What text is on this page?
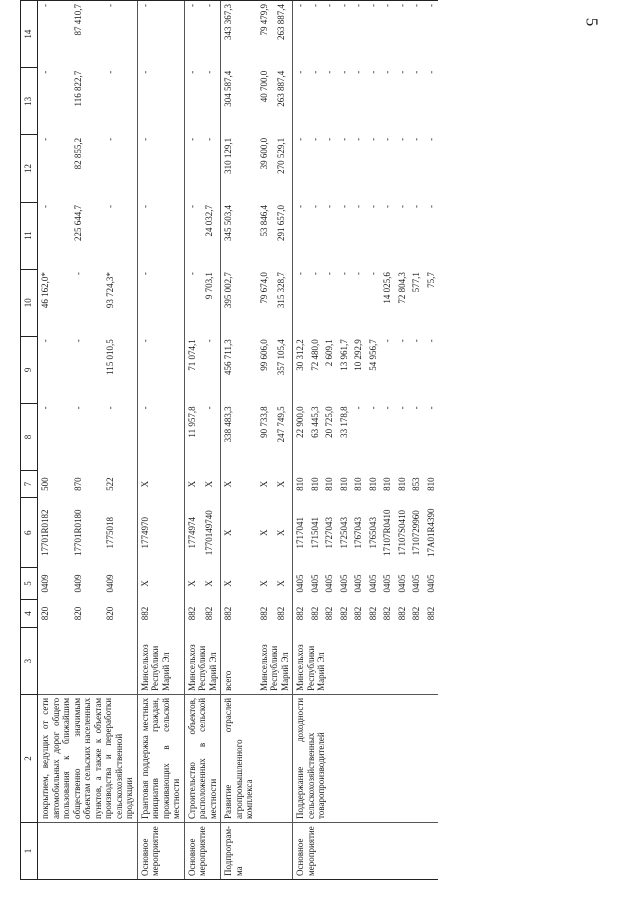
5
1	2	3	4	5	6	7	8	9	10	11	12	13	14
	покрытием, ведущих от сети автомобильных дорог общего пользования к ближайшим общественно значимым объектам сельских населенных пунктов, а также к объектам производства и переработки сельскохозяйственной продукции		820	0409	17701R0182	500	-	-	46 162,0*	-	-	-	-
			820	0409	17701R0180	870	-	-	-	225 644,7	82 855,2	116 822,7	87 410,7
			820	0409	1775018	522	-	115 010,5	93 724,3*	-	-	-	-
Основное мероприятие	Грантовая поддержка местных инициатив граждан, проживающих в сельской местности	Минсельхоз Республики Марий Эл	882	Х	1774970	Х	-	-	-	-	-	-	-
Основное мероприятие	Строительство объектов, расположенных в сельской местности	Минсельхоз Республики Марий Эл	882	Х	1774974	Х	11 957,8	71 074,1	-	-	-	-	-
			882	Х	1770149740	Х	-	-	9 703,1	24 032,7	-	-	-
Подпрограм-ма	Развитие отраслей агропромышленного комплекса	всего	882	Х	Х	Х	338 483,3	456 711,3	395 002,7	345 503,4	310 129,1	304 587,4	343 367,3
		Минсельхоз Республики Марий Эл	882	Х	Х	Х	90 733,8	99 606,0	79 674,0	53 846,4	39 600,0	40 700,0	79 479,9
			882	Х	Х	Х	247 749,5	357 105,4	315 328,7	291 657,0	270 529,1	263 887,4	263 887,4
Основное мероприятие	Поддержание доходности сельскохозяйственных товаропроизводителей	Минсельхоз Республики Марий Эл	882	0405	1717041	810	22 900,0	30 312,2	-	-	-	-	-
			882	0405	1715041	810	63 445,3	72 480,0	-	-	-	-	-
			882	0405	1727043	810	20 725,0	2 609,1	-	-	-	-	-
			882	0405	1725043	810	33 178,8	13 961,7	-	-	-	-	-
			882	0405	1767043	810	-	10 292,9	-	-	-	-	-
			882	0405	1765043	810	-	54 956,7	-	-	-	-	-
			882	0405	17107R0410	810	-	-	14 025,6	-	-	-	-
			882	0405	17107S0410	810	-	-	72 804,3	-	-	-	-
			882	0405	1710729960	853	-	-	577,1	-	-	-	-
			882	0405	17A01R4390	810	-	-	75,7	-	-	-	-
